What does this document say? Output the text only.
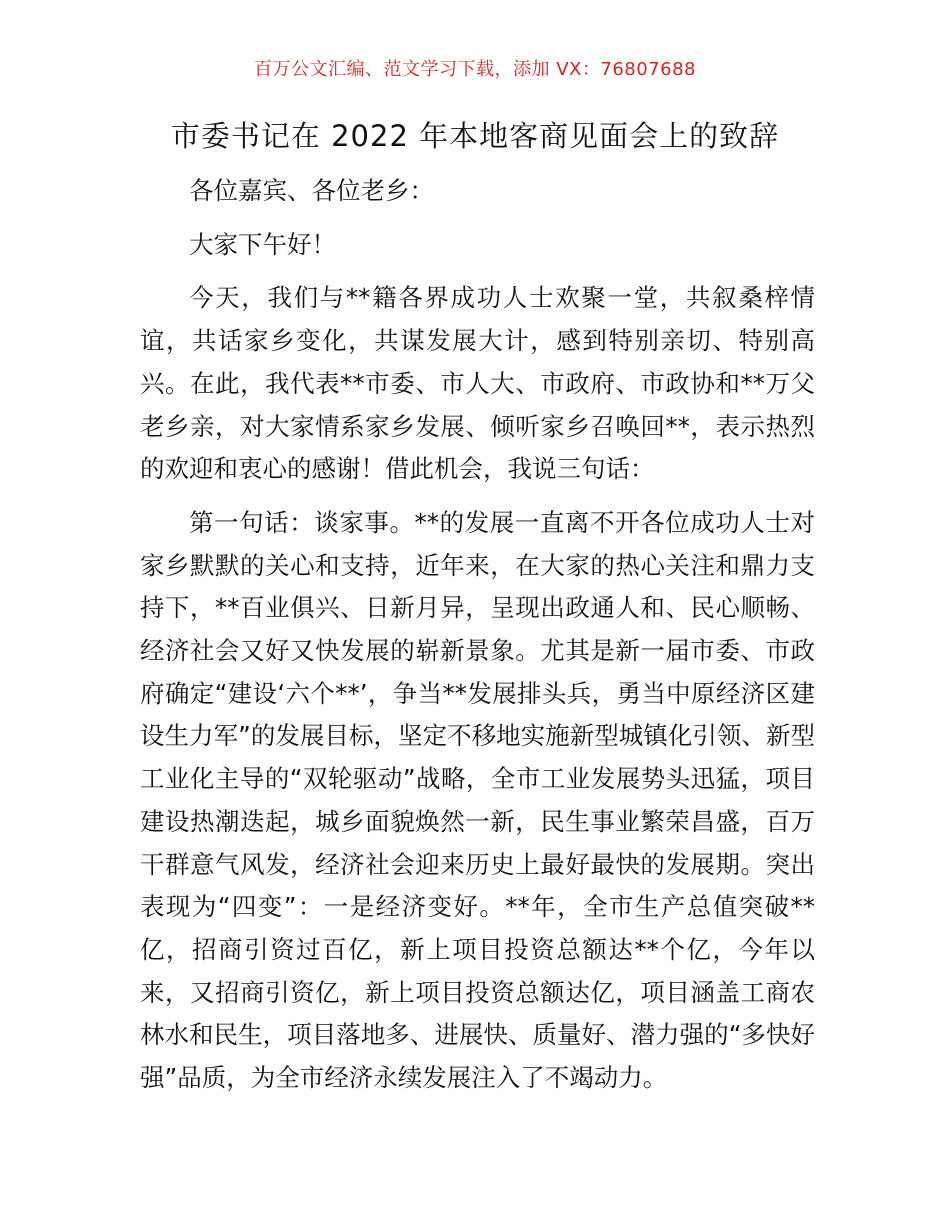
百万公文汇编、范文学习下载，添加 VX：76807688
市委书记在 2022 年本地客商见面会上的致辞

各位嘉宾、各位老乡：

大家下午好！

今天，我们与**籍各界成功人士欢聚一堂，共叙桑梓情谊，共话家乡变化，共谋发展大计，感到特别亲切、特别高兴。在此，我代表**市委、市人大、市政府、市政协和**万父老乡亲，对大家情系家乡发展、倾听家乡召唤回**，表示热烈的欢迎和衷心的感谢！借此机会，我说三句话：

第一句话：谈家事。**的发展一直离不开各位成功人士对家乡默默的关心和支持，近年来，在大家的热心关注和鼎力支持下，**百业俱兴、日新月异，呈现出政通人和、民心顺畅、经济社会又好又快发展的崭新景象。尤其是新一届市委、市政府确定“建设‘六个**’，争当**发展排头兵，勇当中原经济区建设生力军”的发展目标，坚定不移地实施新型城镇化引领、新型工业化主导的“双轮驱动”战略，全市工业发展势头迅猛，项目建设热潮迭起，城乡面貌焕然一新，民生事业繁荣昌盛，百万干群意气风发，经济社会迎来历史上最好最快的发展期。突出表现为“四变”：一是经济变好。**年，全市生产总值突破**亿，招商引资过百亿，新上项目投资总额达**个亿，今年以来，又招商引资亿，新上项目投资总额达亿，项目涵盖工商农林水和民生，项目落地多、进展快、质量好、潜力强的“多快好强”品质，为全市经济永续发展注入了不竭动力。
